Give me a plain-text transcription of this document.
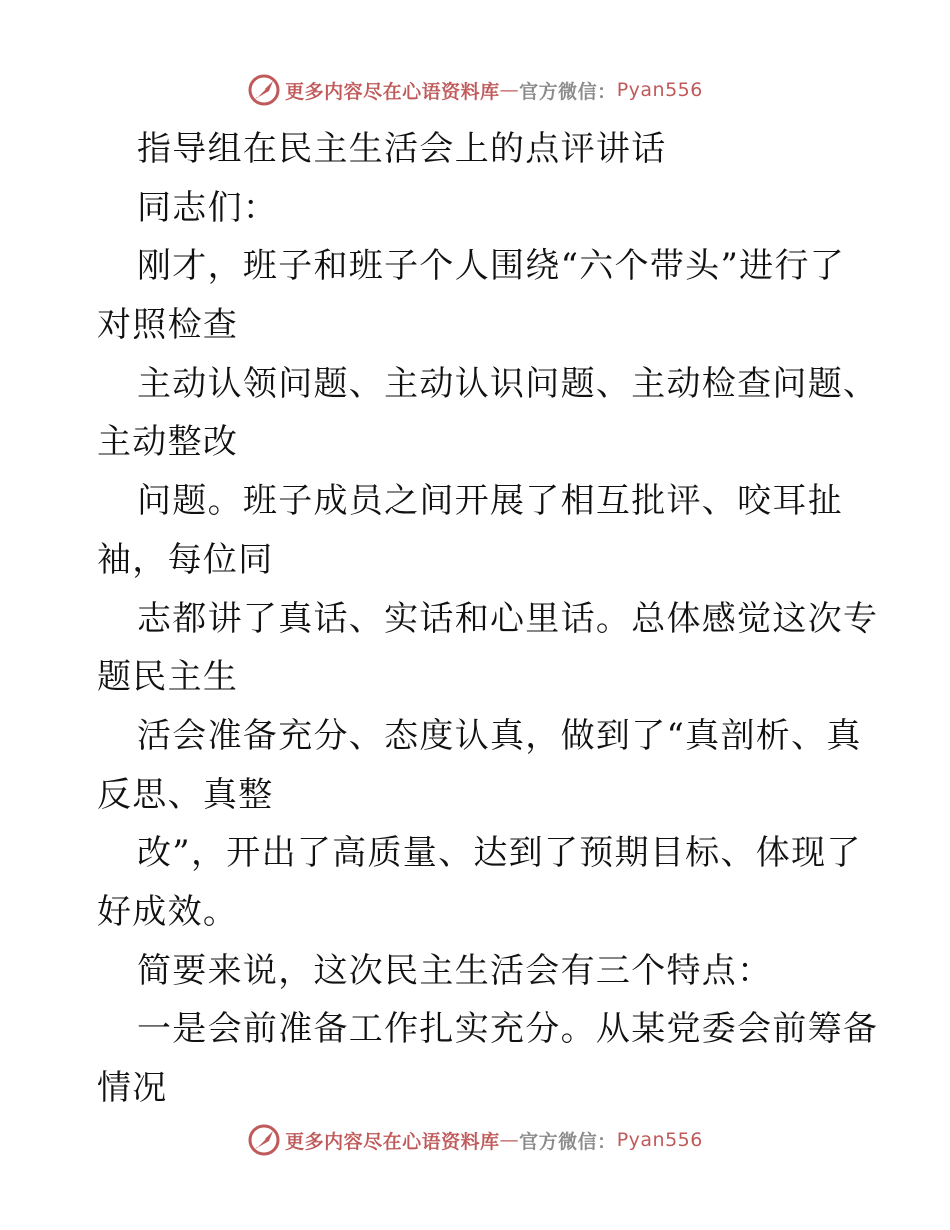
更多内容尽在心语资料库 — 官方微信： Pyan556
指导组在民主生活会上的点评讲话
同志们：
刚才，班子和班子个人围绕“六个带头”进行了
对照检查
主动认领问题、主动认识问题、主动检查问题、
主动整改
问题。班子成员之间开展了相互批评、咬耳扯
袖，每位同
志都讲了真话、实话和心里话。总体感觉这次专
题民主生
活会准备充分、态度认真，做到了“真剖析、真
反思、真整
改”，开出了高质量、达到了预期目标、体现了
好成效。
简要来说，这次民主生活会有三个特点：
一是会前准备工作扎实充分。从某党委会前筹备
情况
更多内容尽在心语资料库 — 官方微信： Pyan556
